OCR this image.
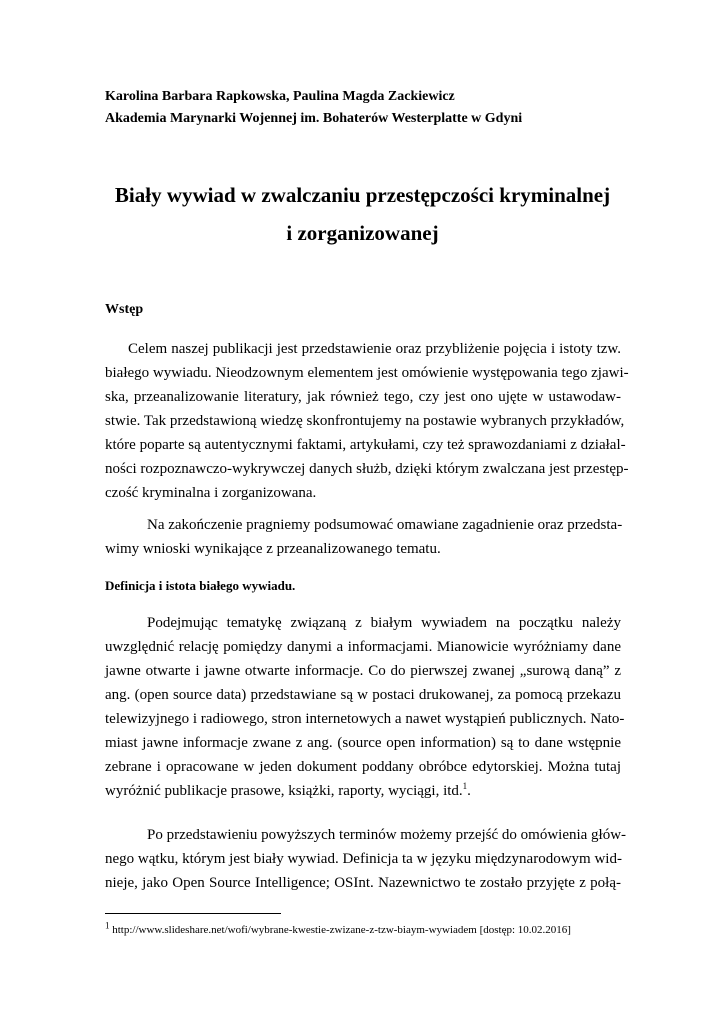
Karolina Barbara Rapkowska, Paulina Magda Zackiewicz
Akademia Marynarki Wojennej im. Bohaterów Westerplatte w Gdyni
Biały wywiad w zwalczaniu przestępczości kryminalnej
i zorganizowanej
Wstęp
Celem naszej publikacji jest przedstawienie oraz przybliżenie pojęcia i istoty tzw.
białego wywiadu. Nieodzownym elementem jest omówienie występowania tego zjawi-
ska, przeanalizowanie literatury, jak również tego, czy jest ono ujęte w ustawodaw-
stwie. Tak przedstawioną wiedzę skonfrontujemy na postawie wybranych przykładów,
które poparte są autentycznymi faktami, artykułami, czy też sprawozdaniami z działal-
ności rozpoznawczo-wykrywczej danych służb, dzięki którym zwalczana jest przestęp-
czość kryminalna i zorganizowana.
Na zakończenie pragniemy podsumować omawiane zagadnienie oraz przedsta-
wimy wnioski wynikające z przeanalizowanego tematu.
Definicja i istota białego wywiadu.
Podejmując tematykę związaną z białym wywiadem na początku należy
uwzględnić relację pomiędzy danymi a informacjami. Mianowicie wyróżniamy dane
jawne otwarte i jawne otwarte informacje. Co do pierwszej zwanej „surową daną” z
ang. (open source data) przedstawiane są w postaci drukowanej, za pomocą przekazu
telewizyjnego i radiowego, stron internetowych a nawet wystąpień publicznych. Nato-
miast jawne informacje zwane z ang. (source open information) są to dane wstępnie
zebrane i opracowane w jeden dokument poddany obróbce edytorskiej. Można tutaj
wyróżnić publikacje prasowe, książki, raporty, wyciągi, itd.$^1$.
Po przedstawieniu powyższych terminów możemy przejść do omówienia głów-
nego wątku, którym jest biały wywiad. Definicja ta w języku międzynarodowym wid-
nieje, jako Open Source Intelligence; OSInt. Nazewnictwo te zostało przyjęte z połą-
$^1$ http://www.slideshare.net/wofi/wybrane-kwestie-zwizane-z-tzw-biaym-wywiadem [dostęp: 10.02.2016]
